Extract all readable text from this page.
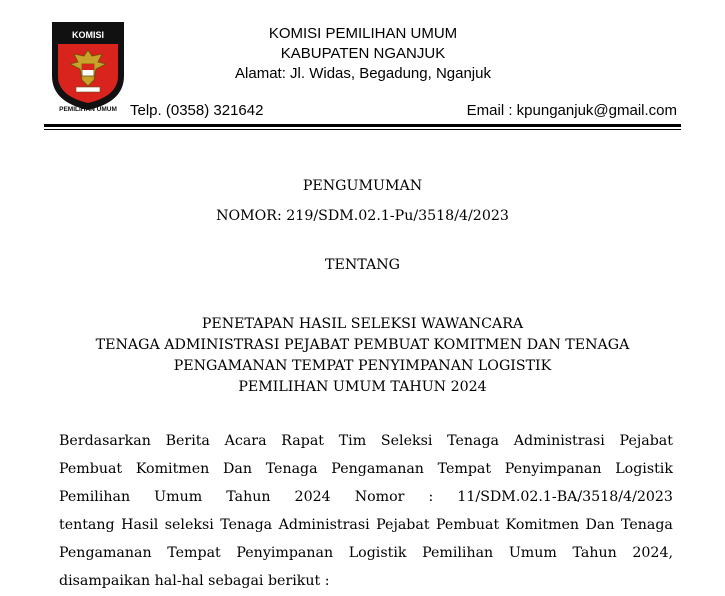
KOMISI
PEMILIHAN UMUM
KOMISI PEMILIHAN UMUM
KABUPATEN NGANJUK
Alamat: Jl. Widas, Begadung, Nganjuk
Telp. (0358) 321642	Email : kpunganjuk@gmail.com
PENGUMUMAN
NOMOR: 219/SDM.02.1-Pu/3518/4/2023
TENTANG
PENETAPAN HASIL SELEKSI WAWANCARA
TENAGA ADMINISTRASI PEJABAT PEMBUAT KOMITMEN DAN TENAGA
PENGAMANAN TEMPAT PENYIMPANAN LOGISTIK
PEMILIHAN UMUM TAHUN 2024
Berdasarkan Berita Acara Rapat Tim Seleksi Tenaga Administrasi Pejabat
Pembuat Komitmen Dan Tenaga Pengamanan Tempat Penyimpanan Logistik
Pemilihan Umum Tahun 2024 Nomor : 11/SDM.02.1-BA/3518/4/2023
tentang Hasil seleksi Tenaga Administrasi Pejabat Pembuat Komitmen Dan Tenaga
Pengamanan Tempat Penyimpanan Logistik Pemilihan Umum Tahun 2024,
disampaikan hal-hal sebagai berikut :
